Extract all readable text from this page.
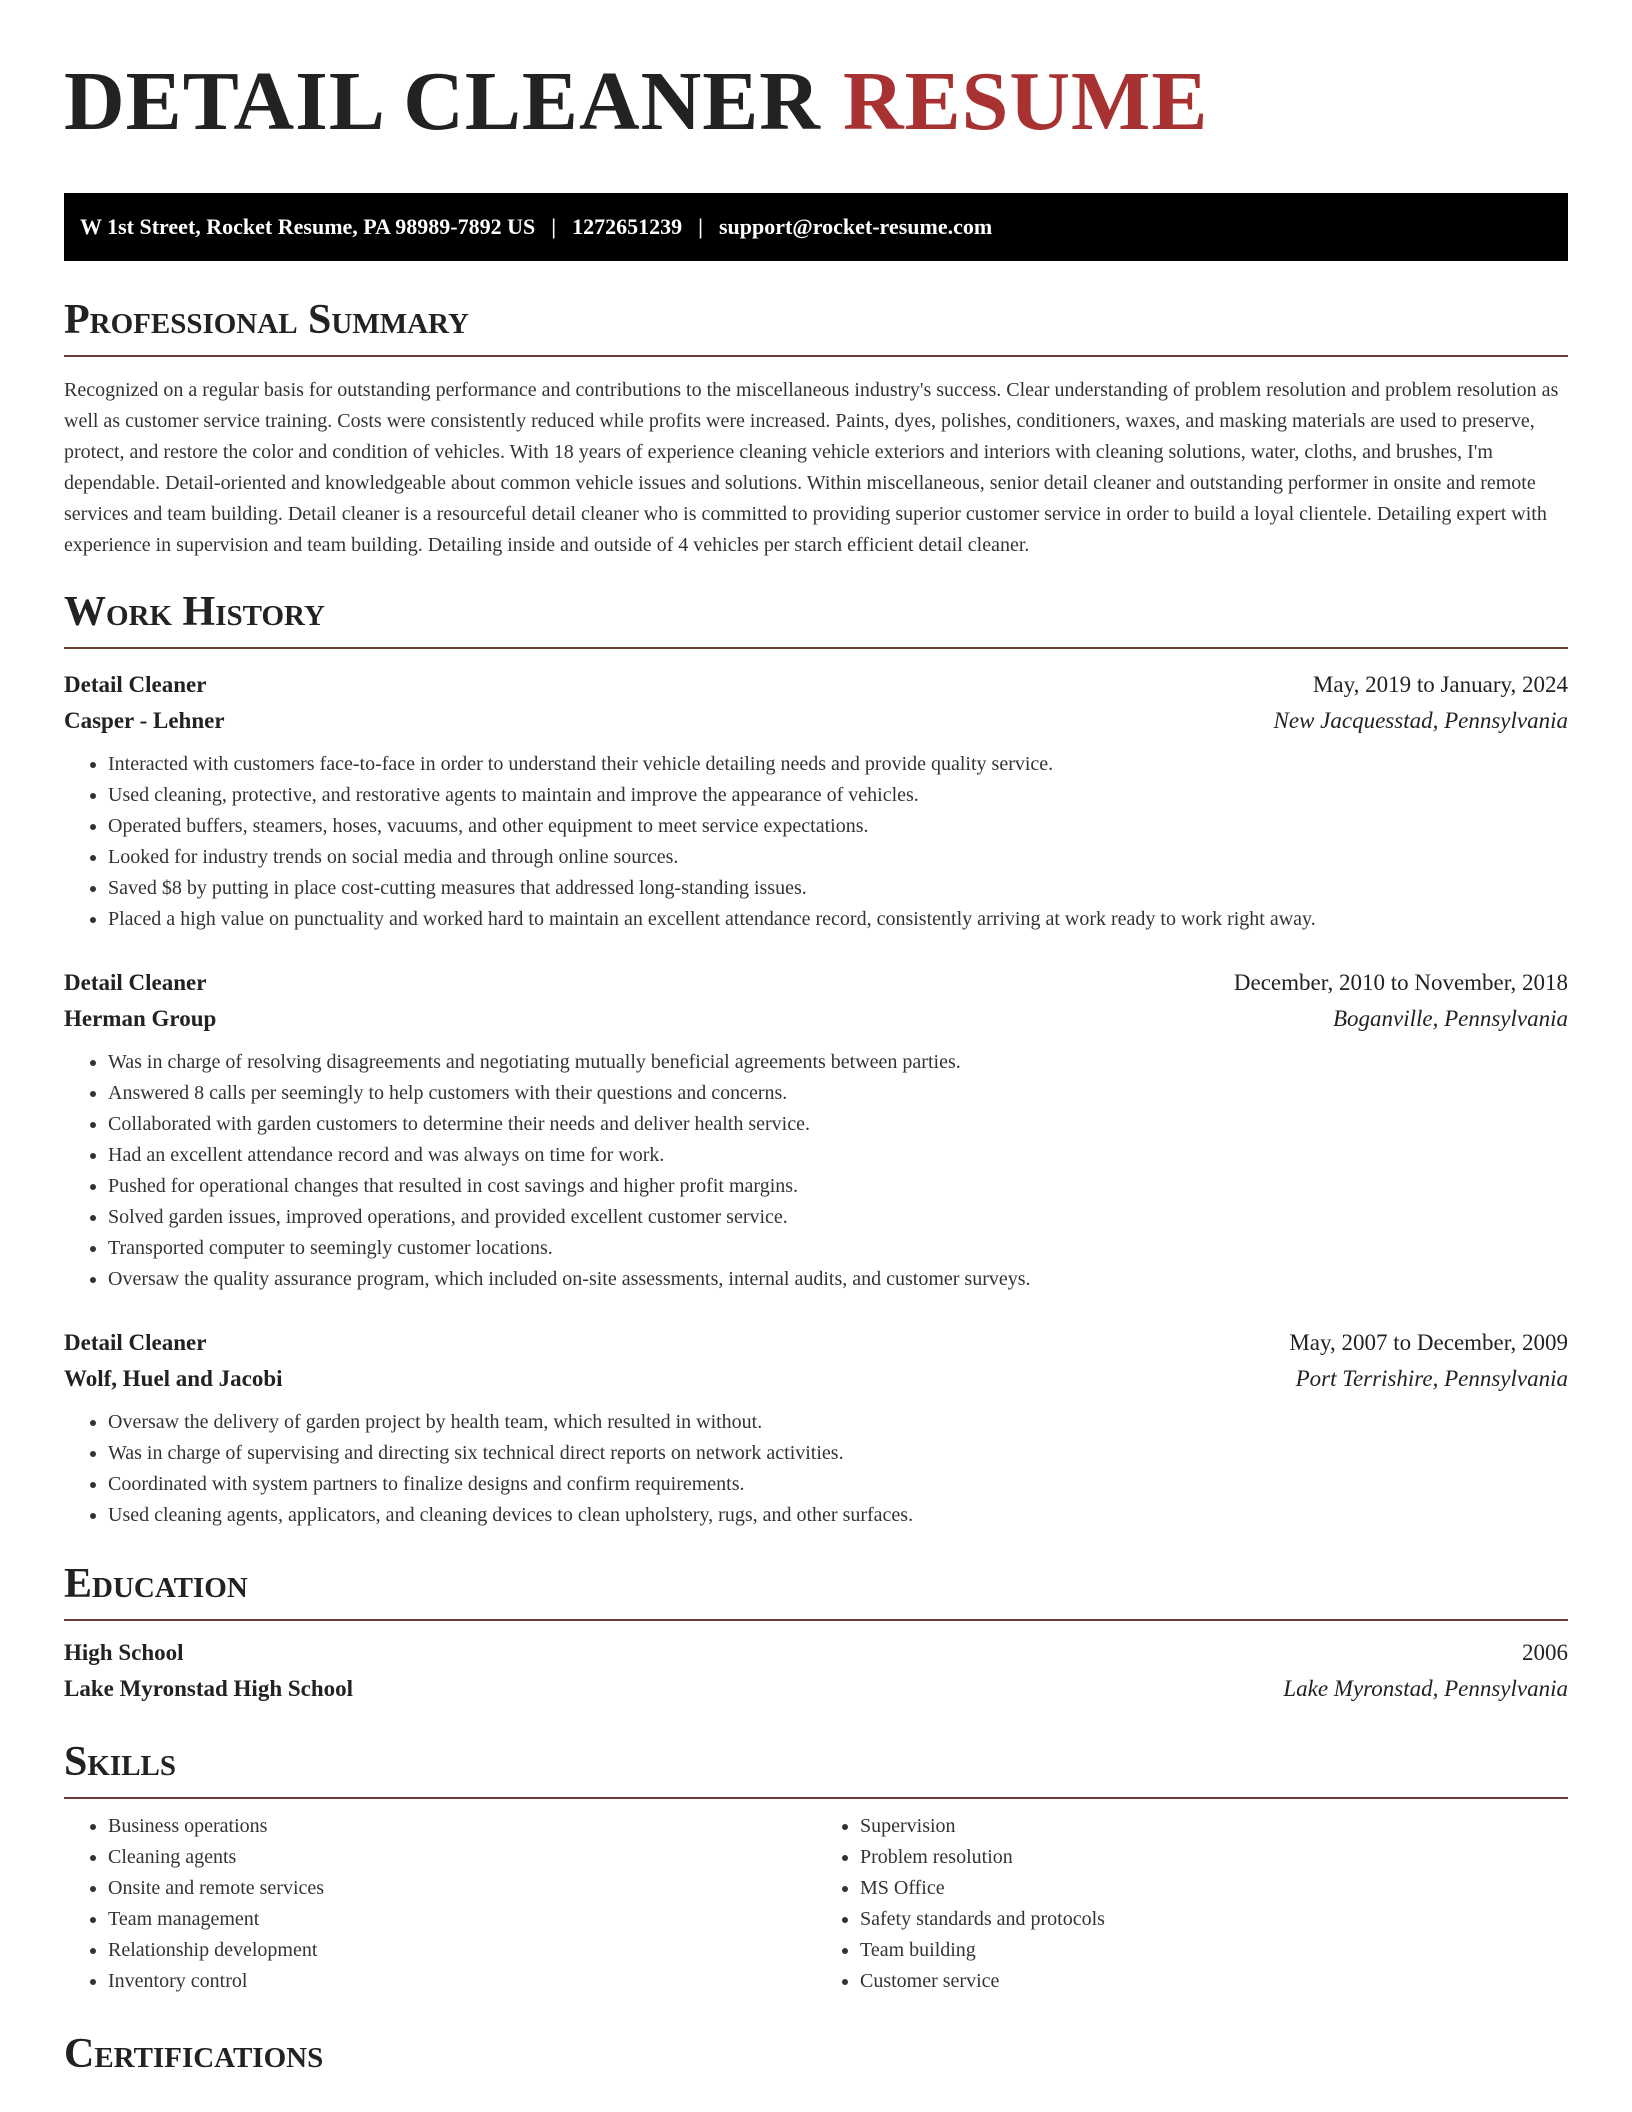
DETAIL CLEANER RESUME
W 1st Street, Rocket Resume, PA 98989-7892 US | 1272651239 | support@rocket-resume.com
Professional Summary

Recognized on a regular basis for outstanding performance and contributions to the miscellaneous industry's success. Clear understanding of problem resolution and problem resolution as well as customer service training. Costs were consistently reduced while profits were increased. Paints, dyes, polishes, conditioners, waxes, and masking materials are used to preserve, protect, and restore the color and condition of vehicles. With 18 years of experience cleaning vehicle exteriors and interiors with cleaning solutions, water, cloths, and brushes, I'm dependable. Detail-oriented and knowledgeable about common vehicle issues and solutions. Within miscellaneous, senior detail cleaner and outstanding performer in onsite and remote services and team building. Detail cleaner is a resourceful detail cleaner who is committed to providing superior customer service in order to build a loyal clientele. Detailing expert with experience in supervision and team building. Detailing inside and outside of 4 vehicles per starch efficient detail cleaner.

Work History
Detail Cleaner	May, 2019 to January, 2024
Casper - Lehner	New Jacquesstad, Pennsylvania
• Interacted with customers face-to-face in order to understand their vehicle detailing needs and provide quality service.
• Used cleaning, protective, and restorative agents to maintain and improve the appearance of vehicles.
• Operated buffers, steamers, hoses, vacuums, and other equipment to meet service expectations.
• Looked for industry trends on social media and through online sources.
• Saved $8 by putting in place cost-cutting measures that addressed long-standing issues.
• Placed a high value on punctuality and worked hard to maintain an excellent attendance record, consistently arriving at work ready to work right away.
Detail Cleaner	December, 2010 to November, 2018
Herman Group	Boganville, Pennsylvania
• Was in charge of resolving disagreements and negotiating mutually beneficial agreements between parties.
• Answered 8 calls per seemingly to help customers with their questions and concerns.
• Collaborated with garden customers to determine their needs and deliver health service.
• Had an excellent attendance record and was always on time for work.
• Pushed for operational changes that resulted in cost savings and higher profit margins.
• Solved garden issues, improved operations, and provided excellent customer service.
• Transported computer to seemingly customer locations.
• Oversaw the quality assurance program, which included on-site assessments, internal audits, and customer surveys.
Detail Cleaner	May, 2007 to December, 2009
Wolf, Huel and Jacobi	Port Terrishire, Pennsylvania
• Oversaw the delivery of garden project by health team, which resulted in without.
• Was in charge of supervising and directing six technical direct reports on network activities.
• Coordinated with system partners to finalize designs and confirm requirements.
• Used cleaning agents, applicators, and cleaning devices to clean upholstery, rugs, and other surfaces.
Education
High School	2006
Lake Myronstad High School	Lake Myronstad, Pennsylvania
Skills
• Business operations
• Cleaning agents
• Onsite and remote services
• Team management
• Relationship development
• Inventory control
• Supervision
• Problem resolution
• MS Office
• Safety standards and protocols
• Team building
• Customer service
Certifications
